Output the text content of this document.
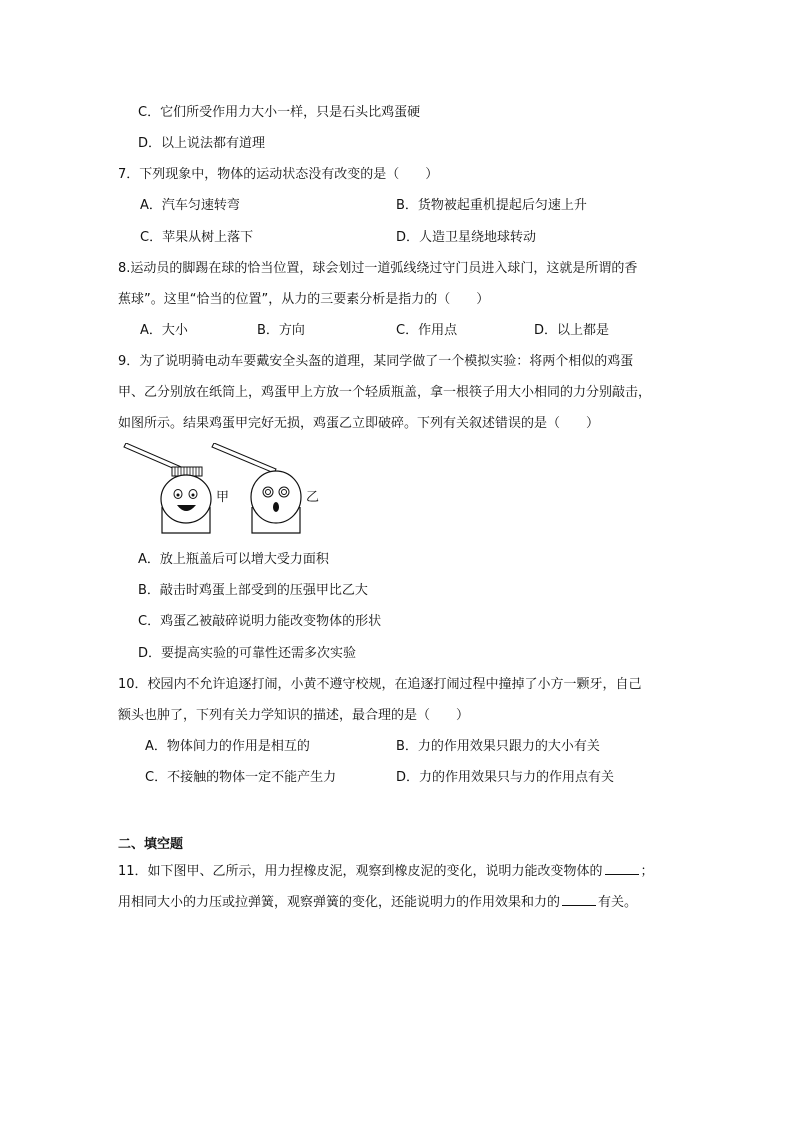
C．它们所受作用力大小一样，只是石头比鸡蛋硬
D．以上说法都有道理
7．下列现象中，物体的运动状态没有改变的是（　　）
A．汽车匀速转弯	B．货物被起重机提起后匀速上升
C．苹果从树上落下	D．人造卫星绕地球转动
8.运动员的脚踢在球的恰当位置，球会划过一道弧线绕过守门员进入球门，这就是所谓的香
蕉球”。这里“恰当的位置”，从力的三要素分析是指力的（　　）
A．大小	B．方向	C．作用点	D．以上都是
9．为了说明骑电动车要戴安全头盔的道理，某同学做了一个模拟实验：将两个相似的鸡蛋
甲、乙分别放在纸筒上，鸡蛋甲上方放一个轻质瓶盖，拿一根筷子用大小相同的力分别敲击，
如图所示。结果鸡蛋甲完好无损，鸡蛋乙立即破碎。下列有关叙述错误的是（　　）
甲	乙
A．放上瓶盖后可以增大受力面积
B．敲击时鸡蛋上部受到的压强甲比乙大
C．鸡蛋乙被敲碎说明力能改变物体的形状
D．要提高实验的可靠性还需多次实验
10．校园内不允许追逐打闹，小黄不遵守校规，在追逐打闹过程中撞掉了小方一颗牙，自己
额头也肿了，下列有关力学知识的描述，最合理的是（　　）
A．物体间力的作用是相互的	B．力的作用效果只跟力的大小有关
C．不接触的物体一定不能产生力	D．力的作用效果只与力的作用点有关
二、填空题
11．如下图甲、乙所示，用力捏橡皮泥，观察到橡皮泥的变化，说明力能改变物体的	；
用相同大小的力压或拉弹簧，观察弹簧的变化，还能说明力的作用效果和力的	有关。
